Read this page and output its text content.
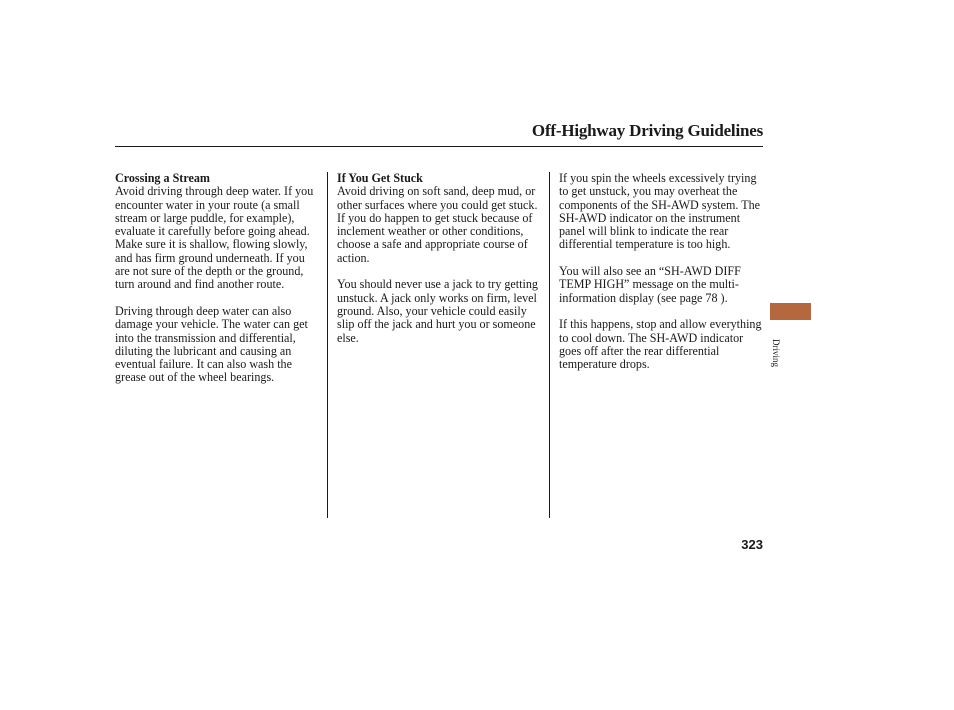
Off-Highway Driving Guidelines

Crossing a Stream

Avoid driving through deep water. If you encounter water in your route (a small stream or large puddle, for example), evaluate it carefully before going ahead. Make sure it is shallow, flowing slowly, and has firm ground underneath. If you are not sure of the depth or the ground, turn around and find another route.

Driving through deep water can also damage your vehicle. The water can get into the transmission and differential, diluting the lubricant and causing an eventual failure. It can also wash the grease out of the wheel bearings.

If You Get Stuck

Avoid driving on soft sand, deep mud, or other surfaces where you could get stuck. If you do happen to get stuck because of inclement weather or other conditions, choose a safe and appropriate course of action.

You should never use a jack to try getting unstuck. A jack only works on firm, level ground. Also, your vehicle could easily slip off the jack and hurt you or someone else.

If you spin the wheels excessively trying to get unstuck, you may overheat the components of the SH-AWD system. The SH-AWD indicator on the instrument panel will blink to indicate the rear differential temperature is too high.

You will also see an “SH-AWD DIFF TEMP HIGH” message on the multi-information display (see page 78 ).

If this happens, stop and allow everything to cool down. The SH-AWD indicator goes off after the rear differential temperature drops.	Driving
323
